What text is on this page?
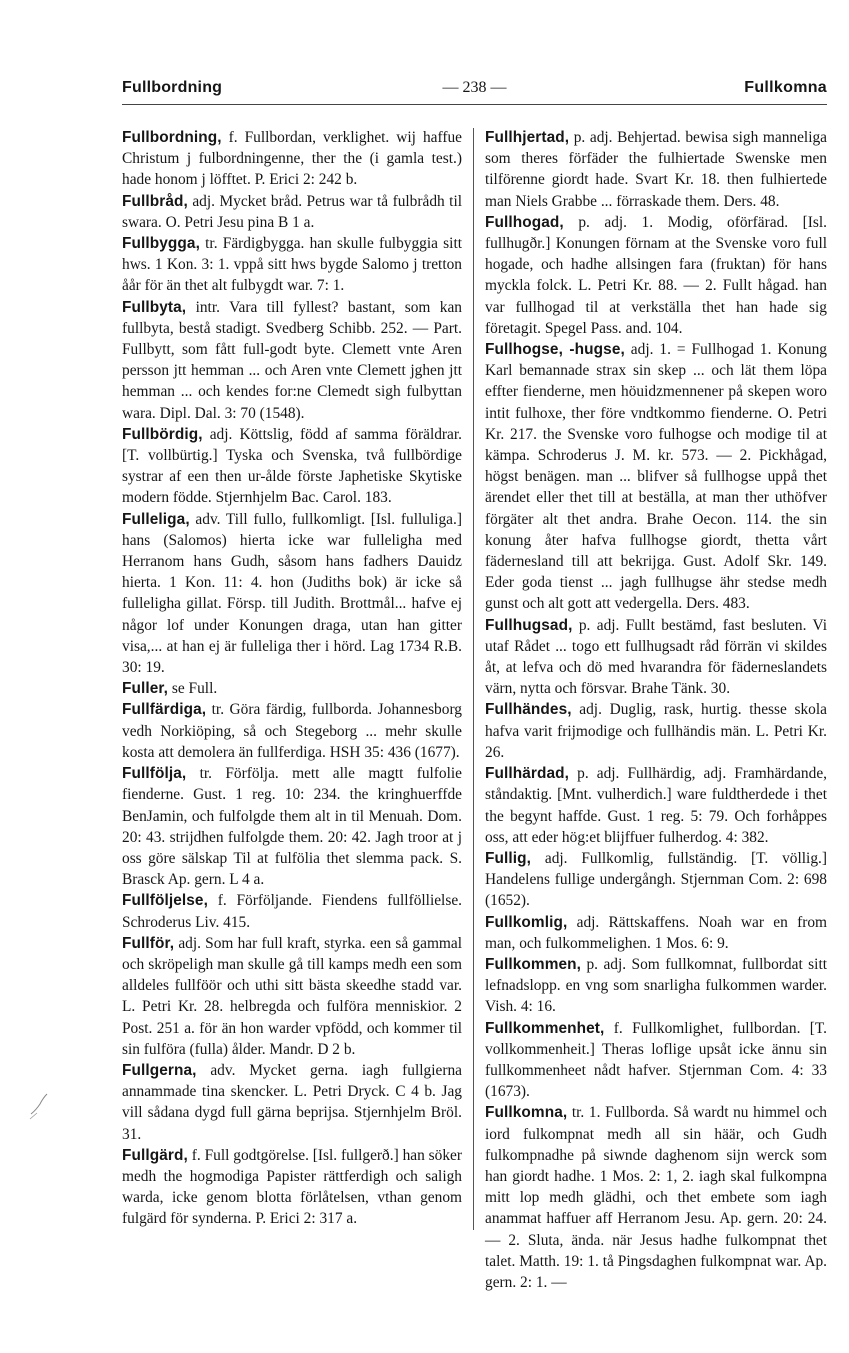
— 238 —
Fullbordning	Fullkomna

Fullbordning, f. Fullbordan, verklighet. wij haffue Christum j fulbordningenne, ther the (i gamla test.) hade honom j löfftet. P. Erici 2: 242 b.

Fullbråd, adj. Mycket bråd. Petrus war tå fulbrådh til swara. O. Petri Jesu pina B 1 a.

Fullbygga, tr. Färdigbygga. han skulle fulbyggia sitt hws. 1 Kon. 3: 1. vppå sitt hws bygde Salomo j tretton åår för än thet alt fulbygdt war. 7: 1.

Fullbyta, intr. Vara till fyllest? bastant, som kan fullbyta, bestå stadigt. Svedberg Schibb. 252. — Part. Fullbytt, som fått full-godt byte. Clemett vnte Aren persson jtt hemman ... och Aren vnte Clemett jghen jtt hemman ... och kendes for:ne Clemedt sigh fulbyttan wara. Dipl. Dal. 3: 70 (1548).

Fullbördig, adj. Köttslig, född af samma föräldrar. [T. vollbürtig.] Tyska och Svenska, två fullbördige systrar af een then ur-ålde förste Japhetiske Skytiske modern födde. Stjernhjelm Bac. Carol. 183.

Fulleliga, adv. Till fullo, fullkomligt. [Isl. fulluliga.] hans (Salomos) hierta icke war fulleligha med Herranom hans Gudh, såsom hans fadhers Dauidz hierta. 1 Kon. 11: 4. hon (Judiths bok) är icke så fulleligha gillat. Försp. till Judith. Brottmål... hafve ej någor lof under Konungen draga, utan han gitter visa,... at han ej är fulleliga ther i hörd. Lag 1734 R.B. 30: 19.

Fuller, se Full.

Fullfärdiga, tr. Göra färdig, fullborda. Johannesborg vedh Norkiöping, så och Stegeborg ... mehr skulle kosta att demolera än fullferdiga. HSH 35: 436 (1677).

Fullfölja, tr. Förfölja. mett alle magtt fulfolie fienderne. Gust. 1 reg. 10: 234. the kringhuerffde BenJamin, och fulfolgde them alt in til Menuah. Dom. 20: 43. strijdhen fulfolgde them. 20: 42. Jagh troor at j oss göre sälskap Til at fulfölia thet slemma pack. S. Brasck Ap. gern. L 4 a.

Fullföljelse, f. Förföljande. Fiendens fullföllielse. Schroderus Liv. 415.

Fullför, adj. Som har full kraft, styrka. een så gammal och skröpeligh man skulle gå till kamps medh een som alldeles fullföör och uthi sitt bästa skeedhe stadd var. L. Petri Kr. 28. helbregda och fulföra menniskior. 2 Post. 251 a. för än hon warder vpfödd, och kommer til sin fulföra (fulla) ålder. Mandr. D 2 b.

Fullgerna, adv. Mycket gerna. iagh fullgierna annammade tina skencker. L. Petri Dryck. C 4 b. Jag vill sådana dygd full gärna beprijsa. Stjernhjelm Bröl. 31.

Fullgärd, f. Full godtgörelse. [Isl. fullgerð.] han söker medh the hogmodiga Papister rättferdigh och saligh warda, icke genom blotta förlåtelsen, vthan genom fulgärd för synderna. P. Erici 2: 317 a.

Fullhjertad, p. adj. Behjertad. bewisa sigh manneliga som theres förfäder the fulhiertade Swenske men tilförenne giordt hade. Svart Kr. 18. then fulhiertede man Niels Grabbe ... förraskade them. Ders. 48.

Fullhogad, p. adj. 1. Modig, oförfärad. [Isl. fullhugðr.] Konungen förnam at the Svenske voro full hogade, och hadhe allsingen fara (fruktan) för hans myckla folck. L. Petri Kr. 88. — 2. Fullt hågad. han var fullhogad til at verkställa thet han hade sig företagit. Spegel Pass. and. 104.

Fullhogse, -hugse, adj. 1. = Fullhogad 1. Konung Karl bemannade strax sin skep ... och lät them löpa effter fienderne, men höuidzmennener på skepen woro intit fulhoxe, ther före vndtkommo fienderne. O. Petri Kr. 217. the Svenske voro fulhogse och modige til at kämpa. Schroderus J. M. kr. 573. — 2. Pickhågad, högst benägen. man ... blifver så fullhogse uppå thet ärendet eller thet till at beställa, at man ther uthöfver förgäter alt thet andra. Brahe Oecon. 114. the sin konung åter hafva fullhogse giordt, thetta vårt fädernesland till att bekrijga. Gust. Adolf Skr. 149. Eder goda tienst ... jagh fullhugse ähr stedse medh gunst och alt gott att vedergella. Ders. 483.

Fullhugsad, p. adj. Fullt bestämd, fast besluten. Vi utaf Rådet ... togo ett fullhugsadt råd förrän vi skildes åt, at lefva och dö med hvarandra för fäderneslandets värn, nytta och försvar. Brahe Tänk. 30.

Fullhändes, adj. Duglig, rask, hurtig. thesse skola hafva varit frijmodige och fullhändis män. L. Petri Kr. 26.

Fullhärdad, p. adj. Fullhärdig, adj. Framhärdande, ståndaktig. [Mnt. vulherdich.] ware fuldtherdede i thet the begynt haffde. Gust. 1 reg. 5: 79. Och forhåppes oss, att eder hög:et blijffuer fulherdog. 4: 382.

Fullig, adj. Fullkomlig, fullständig. [T. völlig.] Handelens fullige undergångh. Stjernman Com. 2: 698 (1652).

Fullkomlig, adj. Rättskaffens. Noah war en from man, och fulkommelighen. 1 Mos. 6: 9.

Fullkommen, p. adj. Som fullkomnat, fullbordat sitt lefnadslopp. en vng som snarligha fulkommen warder. Vish. 4: 16.

Fullkommenhet, f. Fullkomlighet, fullbordan. [T. vollkommenheit.] Theras loflige upsåt icke ännu sin fullkommenheet nådt hafver. Stjernman Com. 4: 33 (1673).

Fullkomna, tr. 1. Fullborda. Så wardt nu himmel och iord fulkompnat medh all sin häär, och Gudh fulkompnadhe på siwnde daghenom sijn werck som han giordt hadhe. 1 Mos. 2: 1, 2. iagh skal fulkompna mitt lop medh glädhi, och thet embete som iagh anammat haffuer aff Herranom Jesu. Ap. gern. 20: 24. — 2. Sluta, ända. när Jesus hadhe fulkompnat thet talet. Matth. 19: 1. tå Pingsdaghen fulkompnat war. Ap. gern. 2: 1. —
